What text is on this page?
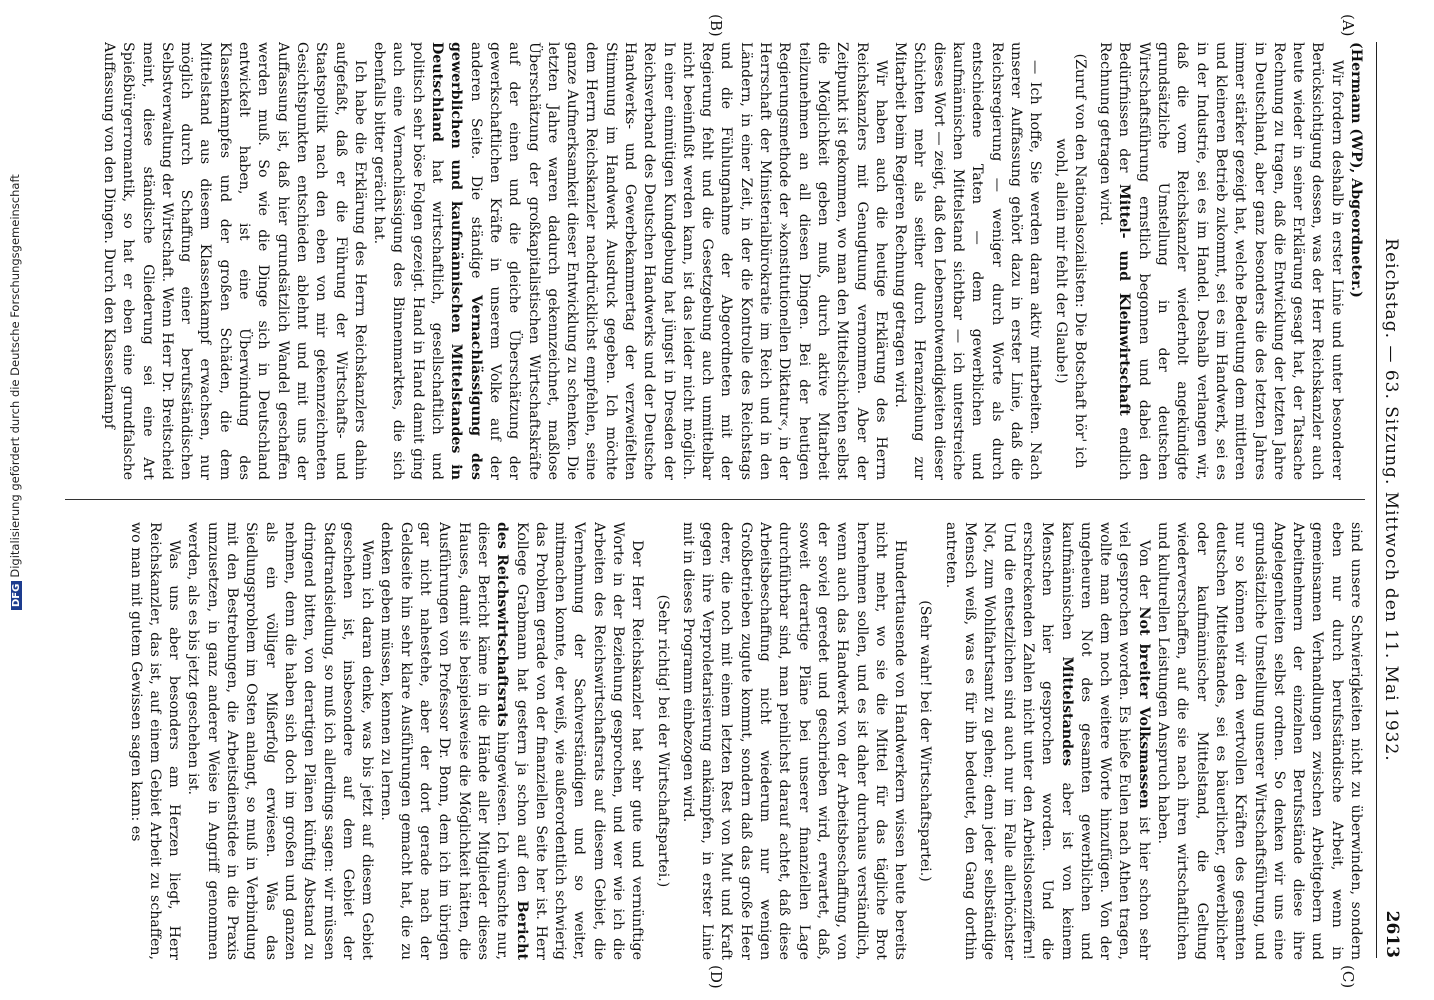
DFGDigitalisierung gefördert durch die Deutsche Forschungsgemeinschaft	Reichstag. — 63. Sitzung. Mittwoch den 11. Mai 1932.
2613
(A)
(B)
(C)
(D)

(Hermann (WP), Abgeordneter.)

Wir fordern deshalb in erster Linie und unter besonderer Berücksichtigung dessen, was der Herr Reichskanzler auch heute wieder in seiner Erklärung gesagt hat, der Tatsache Rechnung zu tragen, daß die Entwicklung der letzten Jahre in Deutschland, aber ganz besonders die des letzten Jahres immer stärker gezeigt hat, welche Bedeutung dem mittleren und kleineren Betrieb zukommt, sei es im Handwerk, sei es in der Industrie, sei es im Handel. Deshalb verlangen wir, daß die vom Reichskanzler wiederholt angekündigte grundsätzliche Umstellung in der deutschen Wirtschaftsführung ernstlich begonnen und dabei den Bedürfnissen der Mittel- und Kleinwirtschaft endlich Rechnung getragen wird.

(Zuruf von den Nationalsozialisten: Die Botschaft hör' ich wohl, allein mir fehlt der Glaube!)

— Ich hoffe, Sie werden daran aktiv mitarbeiten. Nach unserer Auffassung gehört dazu in erster Linie, daß die Reichsregierung — weniger durch Worte als durch entschiedene Taten — dem gewerblichen und kaufmännischen Mittelstand sichtbar — ich unterstreiche dieses Wort — zeigt, daß den Lebensnotwendigkeiten dieser Schichten mehr als seither durch Heranziehung zur Mitarbeit beim Regieren Rechnung getragen wird.

Wir haben auch die heutige Erklärung des Herrn Reichskanzlers mit Genugtuung vernommen. Aber der Zeitpunkt ist gekommen, wo man den Mittelschichten selbst die Möglichkeit geben muß, durch aktive Mitarbeit teilzunehmen an all diesen Dingen. Bei der heutigen Regierungsmethode der »konstitutionellen Diktatur«, in der Herrschaft der Ministerialbürokratie im Reich und in den Ländern, in einer Zeit, in der die Kontrolle des Reichstags und die Fühlungnahme der Abgeordneten mit der Regierung fehlt und die Gesetzgebung auch unmittelbar nicht beeinflußt werden kann, ist das leider nicht möglich. In einer einmütigen Kundgebung hat jüngst in Dresden der Reichsverband des Deutschen Handwerks und der Deutsche Handwerks- und Gewerbekammertag der verzweifelten Stimmung im Handwerk Ausdruck gegeben. Ich möchte dem Herrn Reichskanzler nachdrücklichst empfehlen, seine ganze Aufmerksamkeit dieser Entwicklung zu schenken. Die letzten Jahre waren dadurch gekennzeichnet, maßlose Überschätzung der großkapitalistischen Wirtschaftskräfte auf der einen und die gleiche Überschätzung der gewerkschaftlichen Kräfte in unserem Volke auf der anderen Seite. Die ständige Vernachlässigung des gewerblichen und kaufmännischen Mittelstandes in Deutschland hat wirtschaftlich, gesellschaftlich und politisch sehr böse Folgen gezeigt. Hand in Hand damit ging auch eine Vernachlässigung des Binnenmarktes, die sich ebenfalls bitter gerächt hat.

Ich habe die Erklärung des Herrn Reichskanzlers dahin aufgefaßt, daß er die Führung der Wirtschafts- und Staatspolitik nach den eben von mir gekennzeichneten Gesichtspunkten entschieden ablehnt und mit uns der Auffassung ist, daß hier grundsätzlich Wandel geschaffen werden muß. So wie die Dinge sich in Deutschland entwickelt haben, ist eine Überwindung des Klassenkampfes und der großen Schäden, die dem Mittelstand aus diesem Klassenkampf erwachsen, nur möglich durch Schaffung einer berufsständischen Selbstverwaltung der Wirtschaft. Wenn Herr Dr. Breitscheid meint, diese ständische Gliederung sei eine Art Spießbürgerromantik, so hat er eben eine grundfalsche Auffassung von den Dingen. Durch den Klassenkampf

sind unsere Schwierigkeiten nicht zu überwinden, sondern eben nur durch berufsständische Arbeit, wenn in gemeinsamen Verhandlungen zwischen Arbeitgebern und Arbeitnehmern der einzelnen Berufsstände diese ihre Angelegenheiten selbst ordnen. So denken wir uns eine grundsätzliche Umstellung unserer Wirtschaftsführung, und nur so können wir den wertvollen Kräften des gesamten deutschen Mittelstandes, sei es bäuerlicher, gewerblicher oder kaufmännischer Mittelstand, die Geltung wiederverschaffen, auf die sie nach ihren wirtschaftlichen und kulturellen Leistungen Anspruch haben.

Von der Not breiter Volksmassen ist hier schon sehr viel gesprochen worden. Es hieße Eulen nach Athen tragen, wollte man dem noch weitere Worte hinzufügen. Von der ungeheuren Not des gesamten gewerblichen und kaufmännischen Mittelstandes aber ist von keinem Menschen hier gesprochen worden. Und die erschreckenden Zahlen nicht unter den Arbeitslosenziffern! Und die entsetzlichen sind auch nur im Falle allerhöchster Not, zum Wohlfahrtsamt zu gehen; denn jeder selbständige Mensch weiß, was es für ihn bedeutet, den Gang dorthin antreten.

(Sehr wahr! bei der Wirtschaftspartei.)

Hunderttausende von Handwerkern wissen heute bereits nicht mehr, wo sie die Mittel für das tägliche Brot hernehmen sollen, und es ist daher durchaus verständlich, wenn auch das Handwerk von der Arbeitsbeschaffung, von der soviel geredet und geschrieben wird, erwartet, daß, soweit derartige Pläne bei unserer finanziellen Lage durchführbar sind, man peinlichst darauf achtet, daß diese Arbeitsbeschaffung nicht wiederum nur wenigen Großbetrieben zugute kommt, sondern daß das große Heer derer, die noch mit einem letzten Rest von Mut und Kraft gegen ihre Verproletarisierung ankämpfen, in erster Linie mit in dieses Programm einbezogen wird.

(Sehr richtig! bei der Wirtschaftspartei.)

Der Herr Reichskanzler hat sehr gute und vernünftige Worte in der Beziehung gesprochen, und wer wie ich die Arbeiten des Reichswirtschaftsrats auf diesem Gebiet, die Vernehmung der Sachverständigen und so weiter, mitmachen konnte, der weiß, wie außerordentlich schwierig das Problem gerade von der finanziellen Seite her ist. Herr Kollege Grabmann hat gestern ja schon auf den Bericht des Reichswirtschaftsrats hingewiesen. Ich wünschte nur, dieser Bericht käme in die Hände aller Mitglieder dieses Hauses, damit sie beispielsweise die Möglichkeit hätten, die Ausführungen von Professor Dr. Bonn, dem ich im übrigen gar nicht nahestehe, aber der dort gerade nach der Geldseite hin sehr klare Ausführungen gemacht hat, die zu denken geben müssen, kennen zu lernen.

Wenn ich daran denke, was bis jetzt auf diesem Gebiet geschehen ist, insbesondere auf dem Gebiet der Stadtrandsiedlung, so muß ich allerdings sagen: wir müssen dringend bitten, von derartigen Plänen künftig Abstand zu nehmen, denn die haben sich doch im großen und ganzen als ein völliger Mißerfolg erwiesen. Was das Siedlungsproblem im Osten anlangt, so muß in Verbindung mit den Bestrebungen, die Arbeitsdienstidee in die Praxis umzusetzen, in ganz anderer Weise in Angriff genommen werden, als es bis jetzt geschehen ist.

Was uns aber besonders am Herzen liegt, Herr Reichskanzler, das ist, auf einem Gebiet Arbeit zu schaffen, wo man mit gutem Gewissen sagen kann: es
